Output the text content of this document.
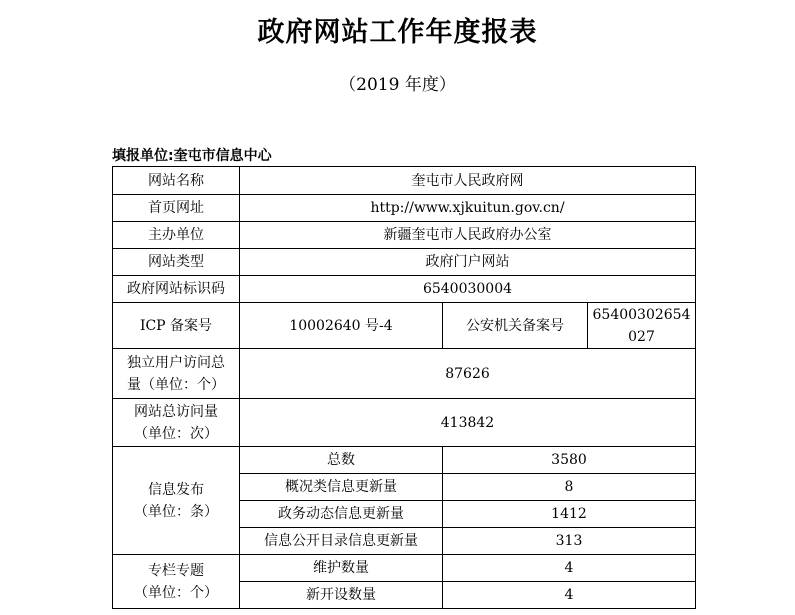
政府网站工作年度报表
（2019 年度）
填报单位:奎屯市信息中心
网站名称	奎屯市人民政府网		
首页网址	http://www.xjkuitun.gov.cn/		
主办单位	新疆奎屯市人民政府办公室		
网站类型	政府门户网站		
政府网站标识码	6540030004		
ICP 备案号	10002640 号-4	公安机关备案号	65400302654
027

独立用户访问总
量（单位：个）	87626		

网站总访问量
（单位：次）	413842		

信息发布
（单位：条）	总数	3580	
	概况类信息更新量	8	
	政务动态信息更新量	1412	
	信息公开目录信息更新量	313	

专栏专题
（单位：个）	维护数量	4	
	新开设数量	4	
